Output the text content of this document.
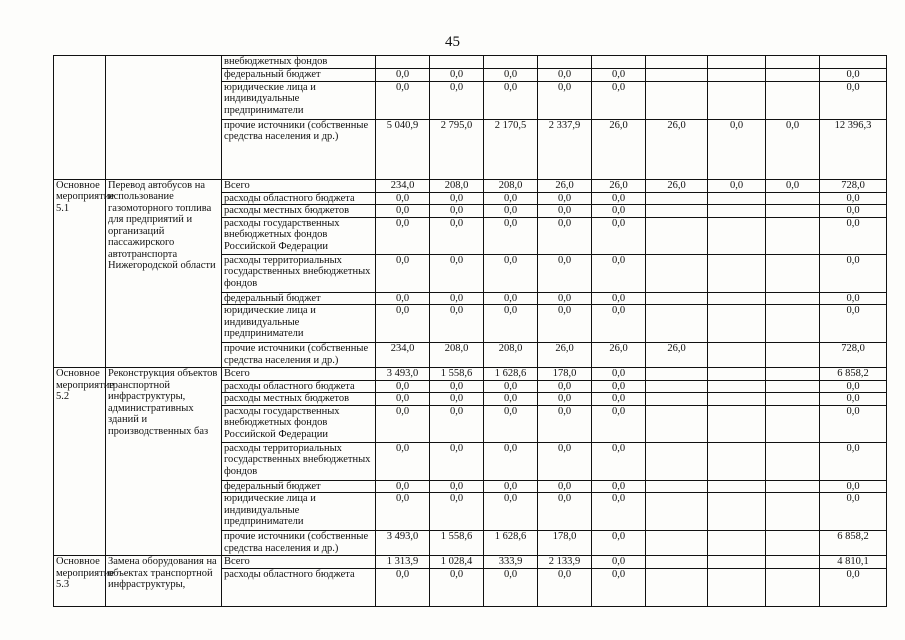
45
		внебюджетных фондов									
		федеральный бюджет	0,0	0,0	0,0	0,0	0,0				0,0
		юридические лица и индивидуальные предприниматели	0,0	0,0	0,0	0,0	0,0				0,0
		прочие источники (собственные средства населения и др.)	5 040,9	2 795,0	2 170,5	2 337,9	26,0	26,0	0,0	0,0	12 396,3
Основное мероприятие 5.1	Перевод автобусов на использование газомоторного топлива для предприятий и организаций пассажирского автотранспорта Нижегородской области	Всего	234,0	208,0	208,0	26,0	26,0	26,0	0,0	0,0	728,0
		расходы областного бюджета	0,0	0,0	0,0	0,0	0,0				0,0
		расходы местных бюджетов	0,0	0,0	0,0	0,0	0,0				0,0
		расходы государственных внебюджетных фондов Российской Федерации	0,0	0,0	0,0	0,0	0,0				0,0
		расходы территориальных государственных внебюджетных фондов	0,0	0,0	0,0	0,0	0,0				0,0
		федеральный бюджет	0,0	0,0	0,0	0,0	0,0				0,0
		юридические лица и индивидуальные предприниматели	0,0	0,0	0,0	0,0	0,0				0,0
		прочие источники (собственные средства населения и др.)	234,0	208,0	208,0	26,0	26,0	26,0			728,0
Основное мероприятие 5.2	Реконструкция объектов транспортной инфраструктуры, административных зданий и производственных баз	Всего	3 493,0	1 558,6	1 628,6	178,0	0,0				6 858,2
		расходы областного бюджета	0,0	0,0	0,0	0,0	0,0				0,0
		расходы местных бюджетов	0,0	0,0	0,0	0,0	0,0				0,0
		расходы государственных внебюджетных фондов Российской Федерации	0,0	0,0	0,0	0,0	0,0				0,0
		расходы территориальных государственных внебюджетных фондов	0,0	0,0	0,0	0,0	0,0				0,0
		федеральный бюджет	0,0	0,0	0,0	0,0	0,0				0,0
		юридические лица и индивидуальные предприниматели	0,0	0,0	0,0	0,0	0,0				0,0
		прочие источники (собственные средства населения и др.)	3 493,0	1 558,6	1 628,6	178,0	0,0				6 858,2
Основное мероприятие 5.3	Замена оборудования на объектах транспортной инфраструктуры,	Всего	1 313,9	1 028,4	333,9	2 133,9	0,0				4 810,1
		расходы областного бюджета	0,0	0,0	0,0	0,0	0,0				0,0
